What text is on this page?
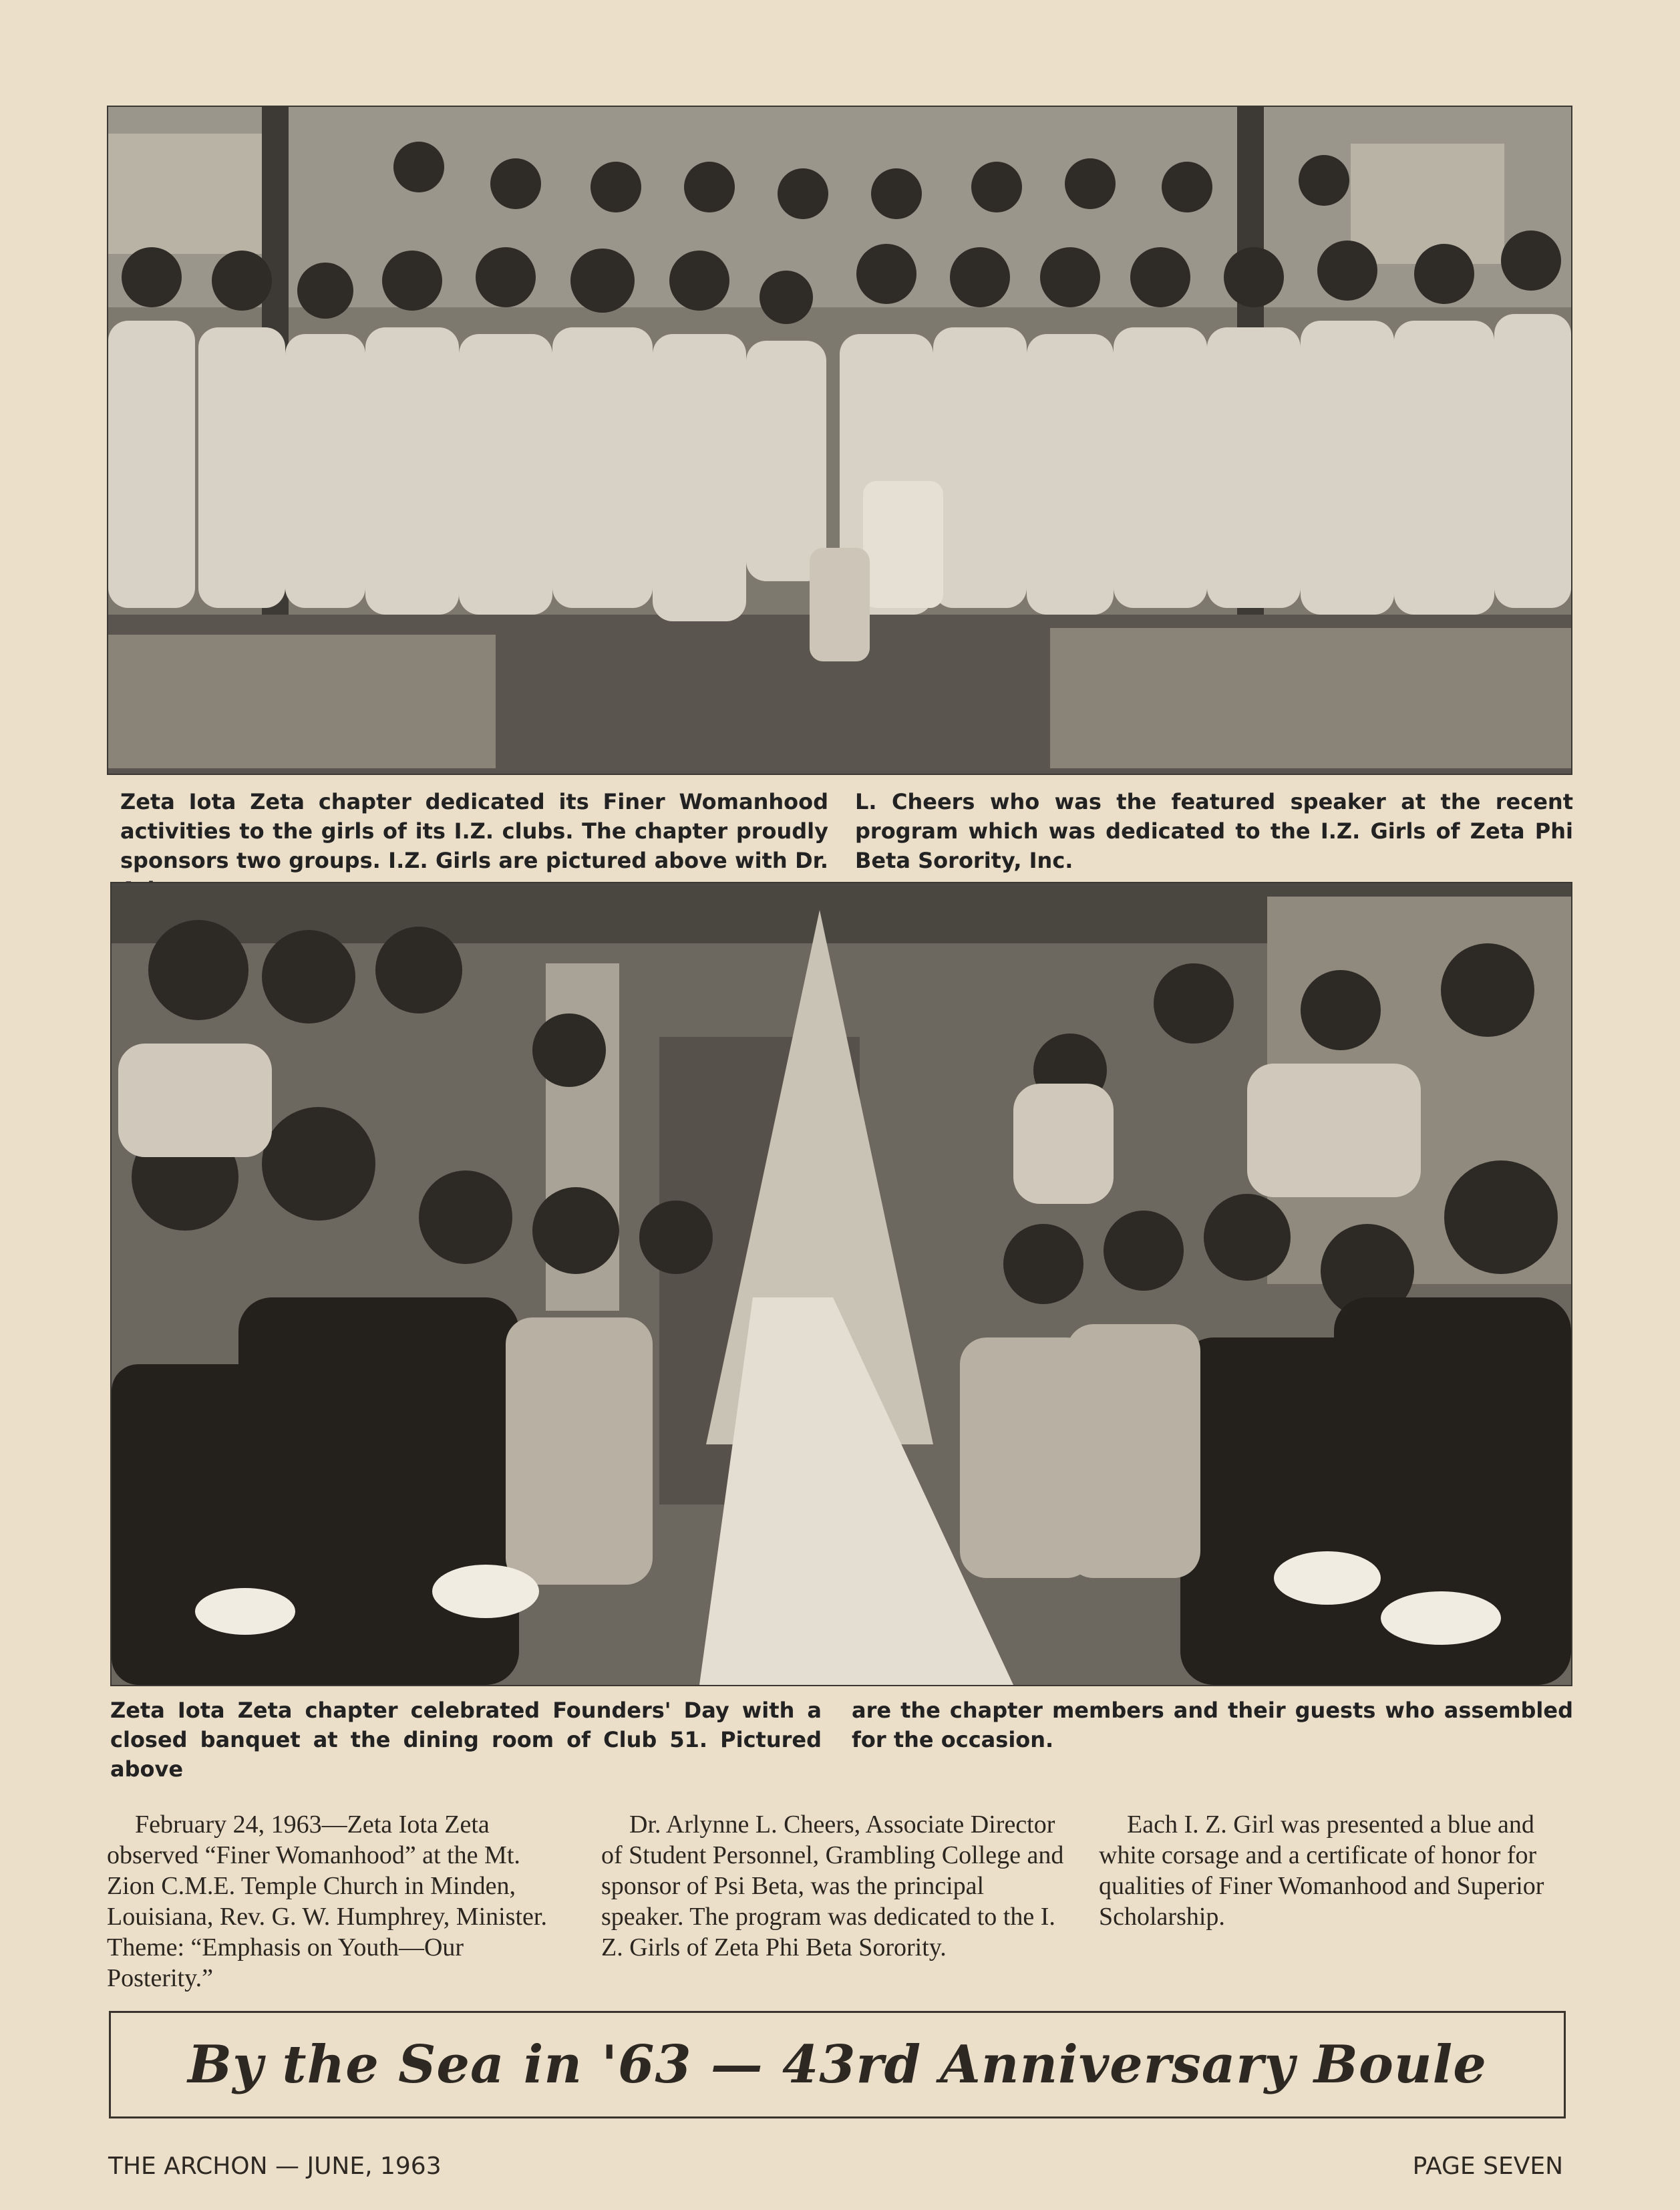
Zeta Iota Zeta chapter dedicated its Finer Womanhood activities to the girls of its I.Z. clubs. The chapter proudly sponsors two groups. I.Z. Girls are pictured above with Dr.
L. Cheers who was the featured speaker at the recent program which was dedicated to the I.Z. Girls of Zeta Phi Beta Sorority, Inc.
Zeta Iota Zeta chapter celebrated Founders' Day with a closed banquet at the dining room of Club 51. Pictured above
are the chapter members and their guests who assembled for the occasion.

February 24, 1963—Zeta Iota Zeta observed “Finer Womanhood” at the Mt. Zion C.M.E. Temple Church in Minden, Louisiana, Rev. G. W. Humphrey, Minister. Theme: “Emphasis on Youth—Our Posterity.”

Dr. Arlynne L. Cheers, Associate Director of Student Personnel, Grambling College and sponsor of Psi Beta, was the principal speaker. The program was dedicated to the I. Z. Girls of Zeta Phi Beta Sorority.

Each I. Z. Girl was presented a blue and white corsage and a certificate of honor for qualities of Finer Womanhood and Superior Scholarship.

By the Sea in '63 — 43rd Anniversary Boule
THE ARCHON — JUNE, 1963	PAGE SEVEN
